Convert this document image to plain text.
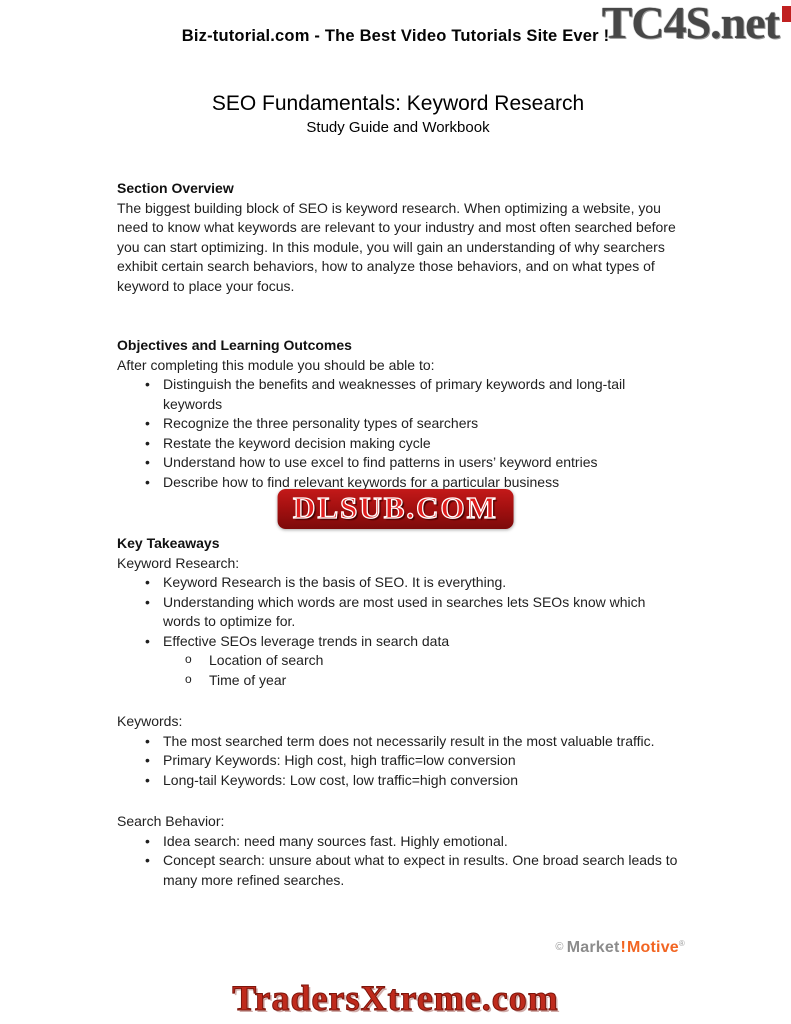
Biz-tutorial.com - The Best Video Tutorials Site Ever !
TC4S.net
DLSUB.COM
SEO Fundamentals: Keyword Research
Study Guide and Workbook
Section Overview

The biggest building block of SEO is keyword research. When optimizing a website, you need to know what keywords are relevant to your industry and most often searched before you can start optimizing. In this module, you will gain an understanding of why searchers exhibit certain search behaviors, how to analyze those behaviors, and on what types of keyword to place your focus.

Objectives and Learning Outcomes
After completing this module you should be able to:
• Distinguish the benefits and weaknesses of primary keywords and long-tail keywords
• Recognize the three personality types of searchers
• Restate the keyword decision making cycle
• Understand how to use excel to find patterns in users’ keyword entries
• Describe how to find relevant keywords for a particular business
Key Takeaways
Keyword Research:
• Keyword Research is the basis of SEO. It is everything.
• Understanding which words are most used in searches lets SEOs know which words to optimize for.
• Effective SEOs leverage trends in search data
o Location of search
o Time of year
Keywords:
• The most searched term does not necessarily result in the most valuable traffic.
• Primary Keywords: High cost, high traffic=low conversion
• Long-tail Keywords: Low cost, low traffic=high conversion
Search Behavior:
• Idea search: need many sources fast. Highly emotional.
• Concept search: unsure about what to expect in results. One broad search leads to many more refined searches.
© Market!Motive®
TradersXtreme.com
